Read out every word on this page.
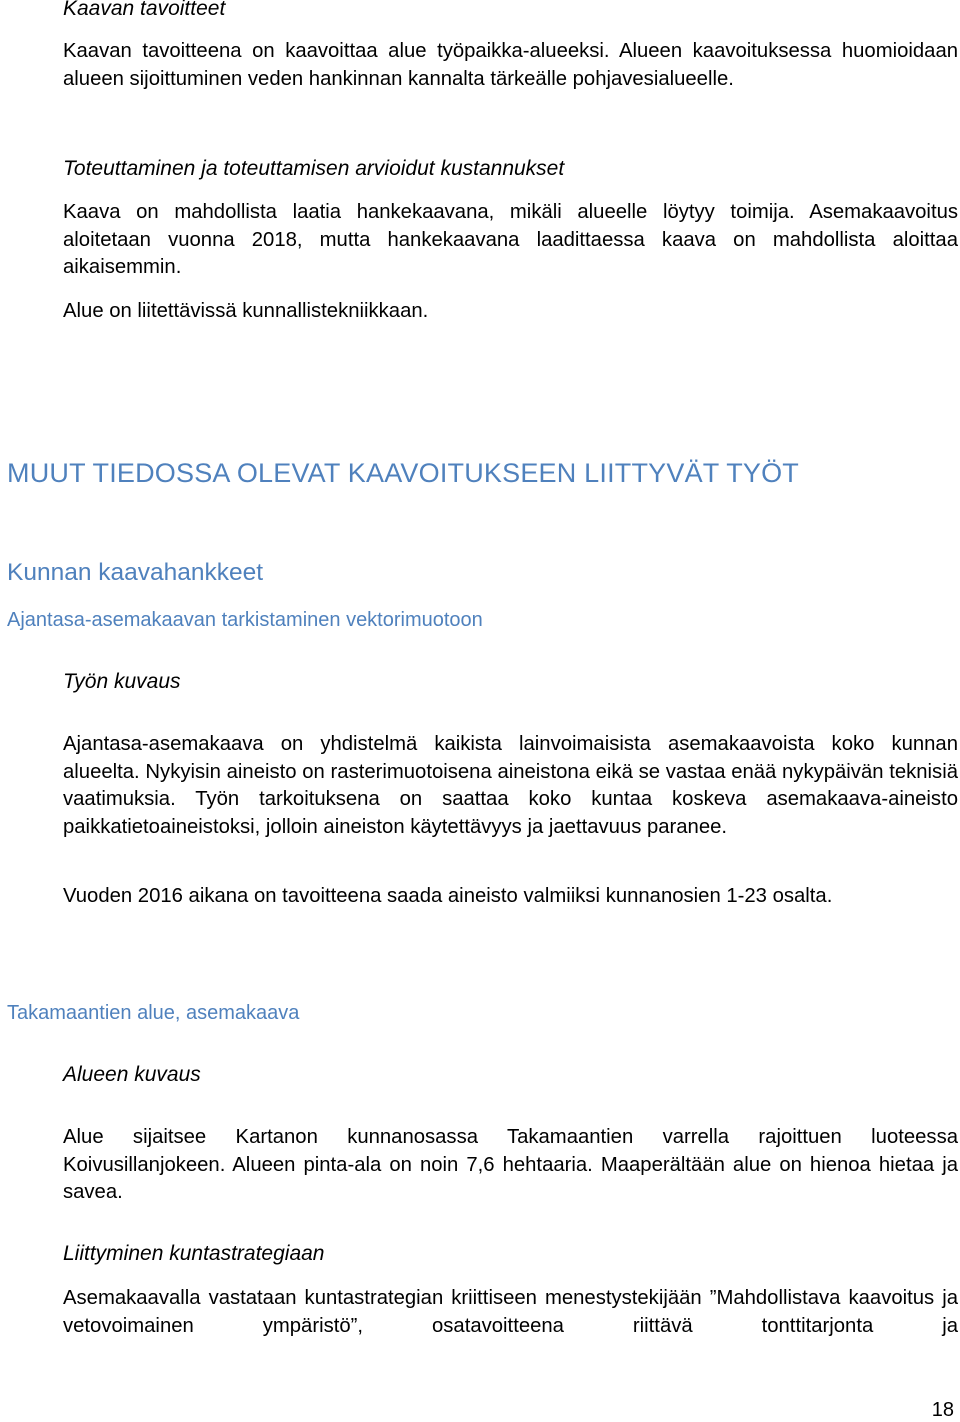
Kaavan tavoitteet

Kaavan tavoitteena on kaavoittaa alue työpaikka-alueeksi. Alueen kaavoituksessa huomioidaan alueen sijoittuminen veden hankinnan kannalta tärkeälle pohjavesialueelle.

Toteuttaminen ja toteuttamisen arvioidut kustannukset

Kaava on mahdollista laatia hankekaavana, mikäli alueelle löytyy toimija. Asemakaavoitus aloitetaan vuonna 2018, mutta hankekaavana laadittaessa kaava on mahdollista aloittaa aikaisemmin.

Alue on liitettävissä kunnallistekniikkaan.

MUUT TIEDOSSA OLEVAT KAAVOITUKSEEN LIITTYVÄT TYÖT
Kunnan kaavahankkeet
Ajantasa-asemakaavan tarkistaminen vektorimuotoon
Työn kuvaus

Ajantasa-asemakaava on yhdistelmä kaikista lainvoimaisista asemakaavoista koko kunnan alueelta. Nykyisin aineisto on rasterimuotoisena aineistona eikä se vastaa enää nykypäivän teknisiä vaatimuksia. Työn tarkoituksena on saattaa koko kuntaa koskeva asemakaava-aineisto paikkatietoaineistoksi, jolloin aineiston käytettävyys ja jaettavuus paranee.

Vuoden 2016 aikana on tavoitteena saada aineisto valmiiksi kunnanosien 1-23 osalta.

Takamaantien alue, asemakaava
Alueen kuvaus

Alue sijaitsee Kartanon kunnanosassa Takamaantien varrella rajoittuen luoteessa Koivusillanjokeen. Alueen pinta-ala on noin 7,6 hehtaaria. Maaperältään alue on hienoa hietaa ja savea.

Liittyminen kuntastrategiaan

Asemakaavalla vastataan kuntastrategian kriittiseen menestystekijään ”Mahdollistava kaavoitus ja vetovoimainen ympäristö”, osatavoitteena riittävä tonttitarjonta ja

18
